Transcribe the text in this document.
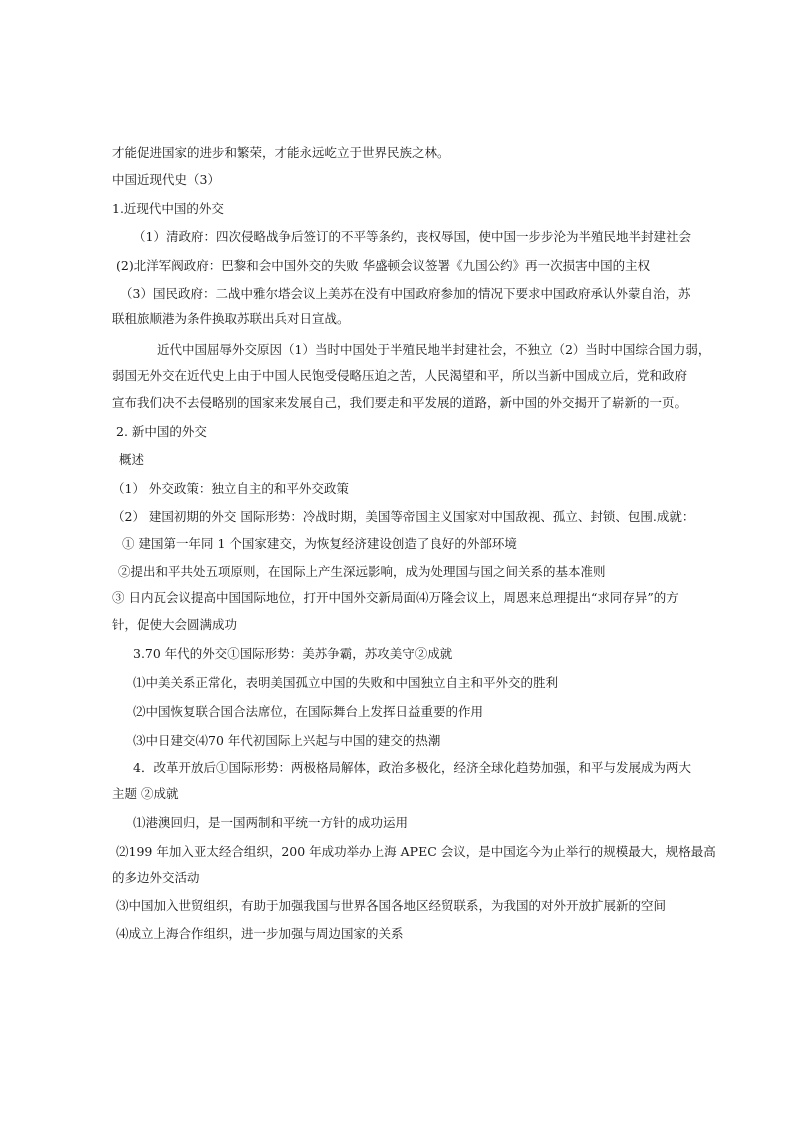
才能促进国家的进步和繁荣，才能永远屹立于世界民族之林。
中国近现代史（3）
1.近现代中国的外交
（1）清政府：四次侵略战争后签订的不平等条约，丧权辱国，使中国一步步沦为半殖民地半封建社会
(2)北洋军阀政府：巴黎和会中国外交的失败 华盛顿会议签署《九国公约》再一次损害中国的主权
（3）国民政府：二战中雅尔塔会议上美苏在没有中国政府参加的情况下要求中国政府承认外蒙自治，苏
联租旅顺港为条件换取苏联出兵对日宣战。
近代中国屈辱外交原因（1）当时中国处于半殖民地半封建社会，不独立（2）当时中国综合国力弱，
弱国无外交在近代史上由于中国人民饱受侵略压迫之苦，人民渴望和平，所以当新中国成立后，党和政府
宣布我们决不去侵略别的国家来发展自己，我们要走和平发展的道路，新中国的外交揭开了崭新的一页。
2. 新中国的外交
概述
（1） 外交政策：独立自主的和平外交政策
（2） 建国初期的外交 国际形势：冷战时期，美国等帝国主义国家对中国敌视、孤立、封锁、包围.成就：
① 建国第一年同 1 个国家建交，为恢复经济建设创造了良好的外部环境
②提出和平共处五项原则，在国际上产生深远影响，成为处理国与国之间关系的基本准则
③ 日内瓦会议提高中国国际地位，打开中国外交新局面⑷万隆会议上，周恩来总理提出“求同存异”的方
针，促使大会圆满成功
3.70 年代的外交①国际形势：美苏争霸，苏攻美守②成就
⑴中美关系正常化，表明美国孤立中国的失败和中国独立自主和平外交的胜利
⑵中国恢复联合国合法席位，在国际舞台上发挥日益重要的作用
⑶中日建交⑷70 年代初国际上兴起与中国的建交的热潮
4．改革开放后①国际形势：两极格局解体，政治多极化，经济全球化趋势加强，和平与发展成为两大
主题 ②成就
⑴港澳回归，是一国两制和平统一方针的成功运用
⑵199 年加入亚太经合组织，200 年成功举办上海 APEC 会议，是中国迄今为止举行的规模最大，规格最高
的多边外交活动
⑶中国加入世贸组织，有助于加强我国与世界各国各地区经贸联系，为我国的对外开放扩展新的空间
⑷成立上海合作组织，进一步加强与周边国家的关系
